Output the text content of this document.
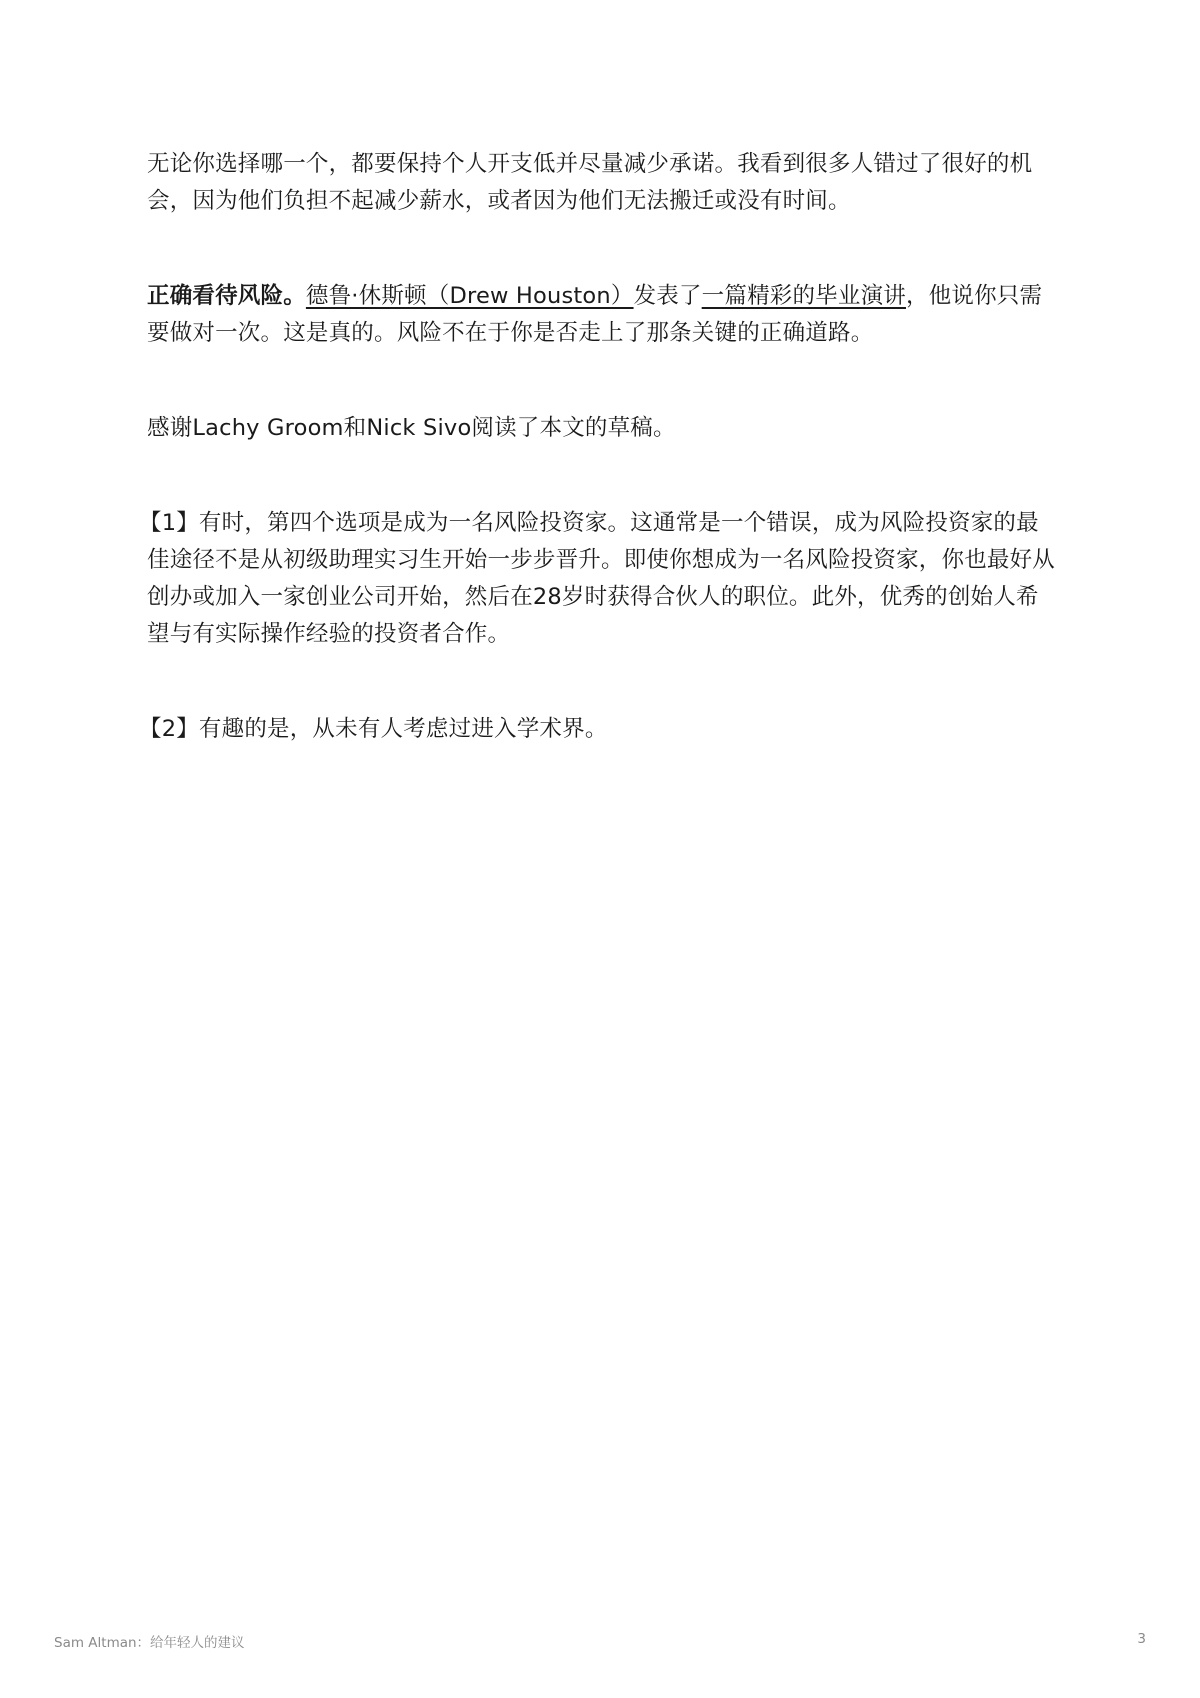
无论你选择哪一个，都要保持个人开支低并尽量减少承诺。我看到很多人错过了很好的机会，因为他们负担不起减少薪水，或者因为他们无法搬迁或没有时间。

正确看待风险。德鲁·休斯顿（Drew Houston）发表了一篇精彩的毕业演讲，他说你只需要做对一次。这是真的。风险不在于你是否走上了那条关键的正确道路。

感谢Lachy Groom和Nick Sivo阅读了本文的草稿。

【1】有时，第四个选项是成为一名风险投资家。这通常是一个错误，成为风险投资家的最佳途径不是从初级助理实习生开始一步步晋升。即使你想成为一名风险投资家，你也最好从创办或加入一家创业公司开始，然后在28岁时获得合伙人的职位。此外，优秀的创始人希望与有实际操作经验的投资者合作。

【2】有趣的是，从未有人考虑过进入学术界。

Sam Altman：给年轻人的建议	3
